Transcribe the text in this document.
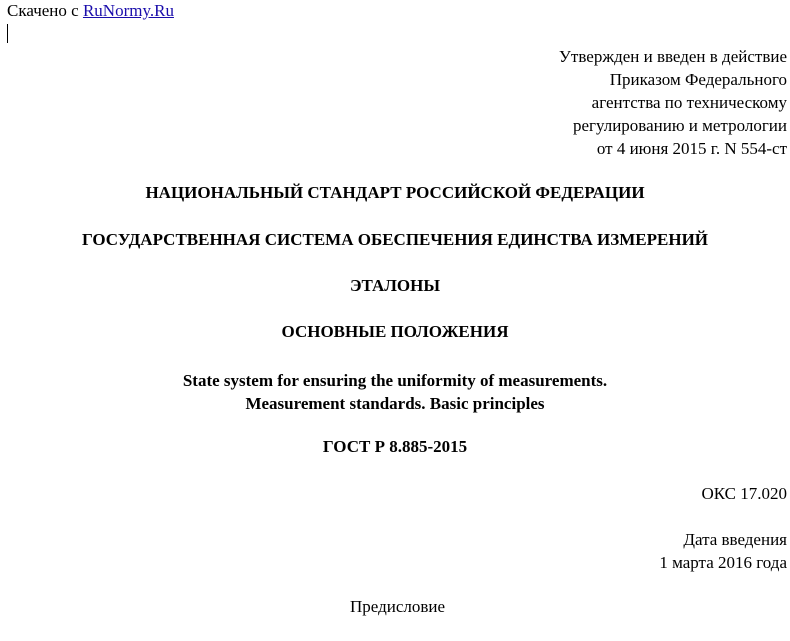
Скачено с RuNormy.Ru
Утвержден и введен в действие
Приказом Федерального
агентства по техническому
регулированию и метрологии
от 4 июня 2015 г. N 554-ст
НАЦИОНАЛЬНЫЙ СТАНДАРТ РОССИЙСКОЙ ФЕДЕРАЦИИ
ГОСУДАРСТВЕННАЯ СИСТЕМА ОБЕСПЕЧЕНИЯ ЕДИНСТВА ИЗМЕРЕНИЙ
ЭТАЛОНЫ
ОСНОВНЫЕ ПОЛОЖЕНИЯ
State system for ensuring the uniformity of measurements.
Measurement standards. Basic principles
ГОСТ Р 8.885-2015
ОКС 17.020
Дата введения
1 марта 2016 года
Предисловие
